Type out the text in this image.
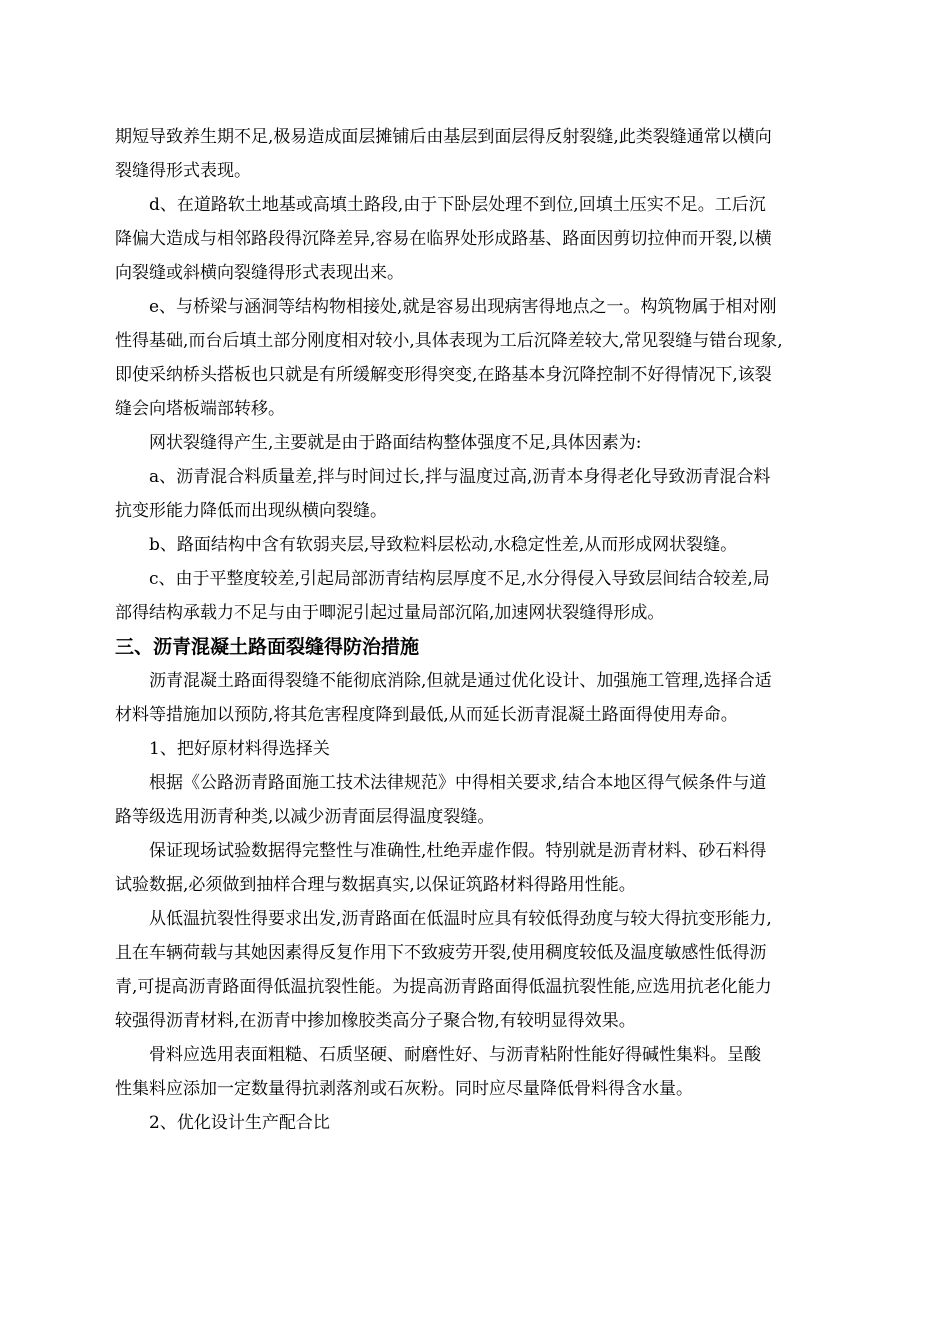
期短导致养生期不足,极易造成面层摊铺后由基层到面层得反射裂缝,此类裂缝通常以横向
裂缝得形式表现。
d、在道路软土地基或高填土路段,由于下卧层处理不到位,回填土压实不足。工后沉
降偏大造成与相邻路段得沉降差异,容易在临界处形成路基、路面因剪切拉伸而开裂,以横
向裂缝或斜横向裂缝得形式表现出来。
e、与桥梁与涵洞等结构物相接处,就是容易出现病害得地点之一。构筑物属于相对刚
性得基础,而台后填土部分刚度相对较小,具体表现为工后沉降差较大,常见裂缝与错台现象,
即使采纳桥头搭板也只就是有所缓解变形得突变,在路基本身沉降控制不好得情况下,该裂
缝会向塔板端部转移。
网状裂缝得产生,主要就是由于路面结构整体强度不足,具体因素为:
a、沥青混合料质量差,拌与时间过长,拌与温度过高,沥青本身得老化导致沥青混合料
抗变形能力降低而出现纵横向裂缝。
b、路面结构中含有软弱夹层,导致粒料层松动,水稳定性差,从而形成网状裂缝。
c、由于平整度较差,引起局部沥青结构层厚度不足,水分得侵入导致层间结合较差,局
部得结构承载力不足与由于唧泥引起过量局部沉陷,加速网状裂缝得形成。
三、沥青混凝土路面裂缝得防治措施
沥青混凝土路面得裂缝不能彻底消除,但就是通过优化设计、加强施工管理,选择合适
材料等措施加以预防,将其危害程度降到最低,从而延长沥青混凝土路面得使用寿命。
1、把好原材料得选择关
根据《公路沥青路面施工技术法律规范》中得相关要求,结合本地区得气候条件与道
路等级选用沥青种类,以减少沥青面层得温度裂缝。
保证现场试验数据得完整性与准确性,杜绝弄虚作假。特别就是沥青材料、砂石料得
试验数据,必须做到抽样合理与数据真实,以保证筑路材料得路用性能。
从低温抗裂性得要求出发,沥青路面在低温时应具有较低得劲度与较大得抗变形能力,
且在车辆荷载与其她因素得反复作用下不致疲劳开裂,使用稠度较低及温度敏感性低得沥
青,可提高沥青路面得低温抗裂性能。为提高沥青路面得低温抗裂性能,应选用抗老化能力
较强得沥青材料,在沥青中掺加橡胶类高分子聚合物,有较明显得效果。
骨料应选用表面粗糙、石质坚硬、耐磨性好、与沥青粘附性能好得碱性集料。呈酸
性集料应添加一定数量得抗剥落剂或石灰粉。同时应尽量降低骨料得含水量。
2、优化设计生产配合比
